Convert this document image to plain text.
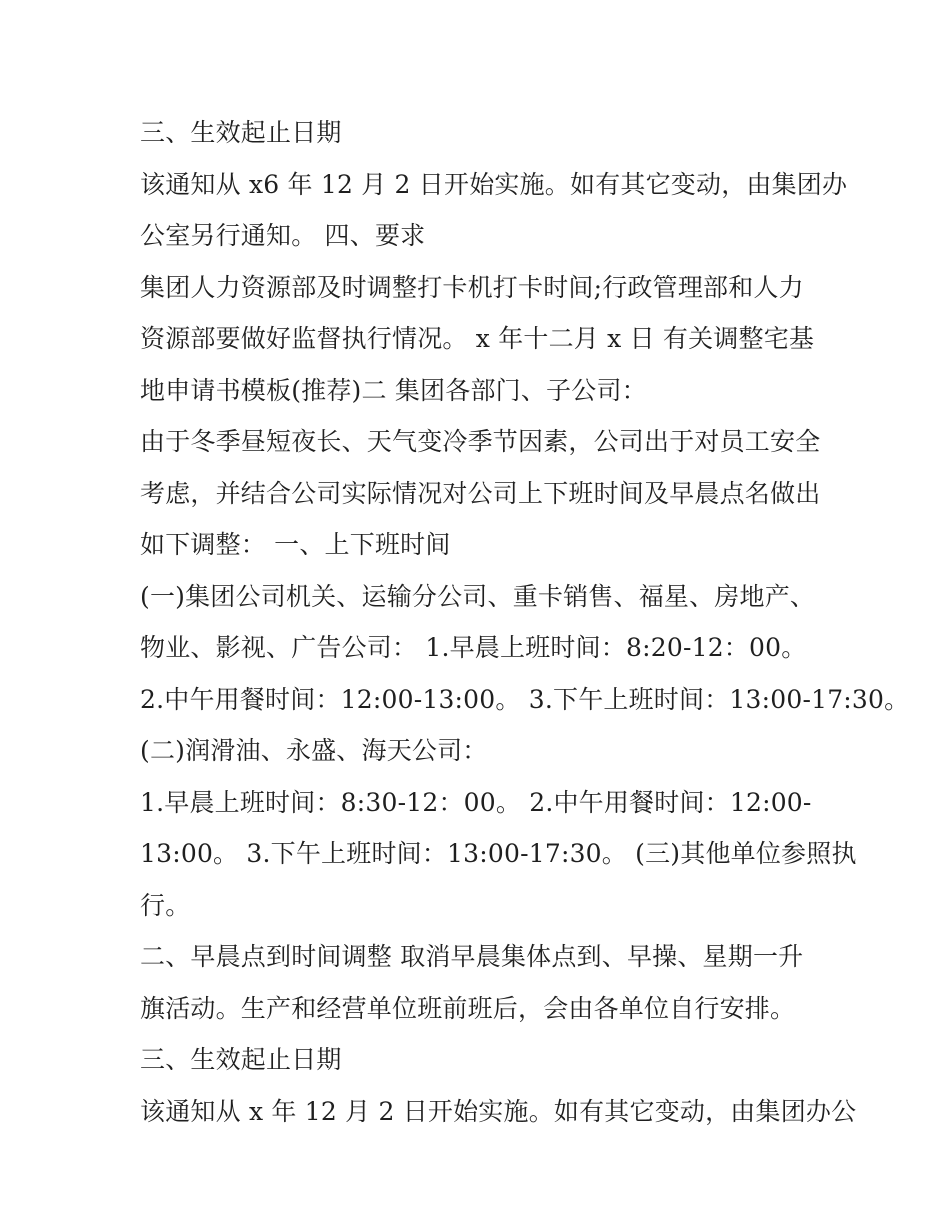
三、生效起止日期
该通知从 x6 年 12 月 2 日开始实施。如有其它变动，由集团办
公室另行通知。 四、要求
集团人力资源部及时调整打卡机打卡时间;行政管理部和人力
资源部要做好监督执行情况。 x 年十二月 x 日 有关调整宅基
地申请书模板(推荐)二 集团各部门、子公司：
由于冬季昼短夜长、天气变冷季节因素，公司出于对员工安全
考虑，并结合公司实际情况对公司上下班时间及早晨点名做出
如下调整： 一、上下班时间
(一)集团公司机关、运输分公司、重卡销售、福星、房地产、
物业、影视、广告公司： 1.早晨上班时间：8:20-12：00。
2.中午用餐时间：12:00-13:00。 3.下午上班时间：13:00-17:30。
(二)润滑油、永盛、海天公司：
1.早晨上班时间：8:30-12：00。 2.中午用餐时间：12:00-
13:00。 3.下午上班时间：13:00-17:30。 (三)其他单位参照执
行。
二、早晨点到时间调整 取消早晨集体点到、早操、星期一升
旗活动。生产和经营单位班前班后，会由各单位自行安排。
三、生效起止日期
该通知从 x 年 12 月 2 日开始实施。如有其它变动，由集团办公
